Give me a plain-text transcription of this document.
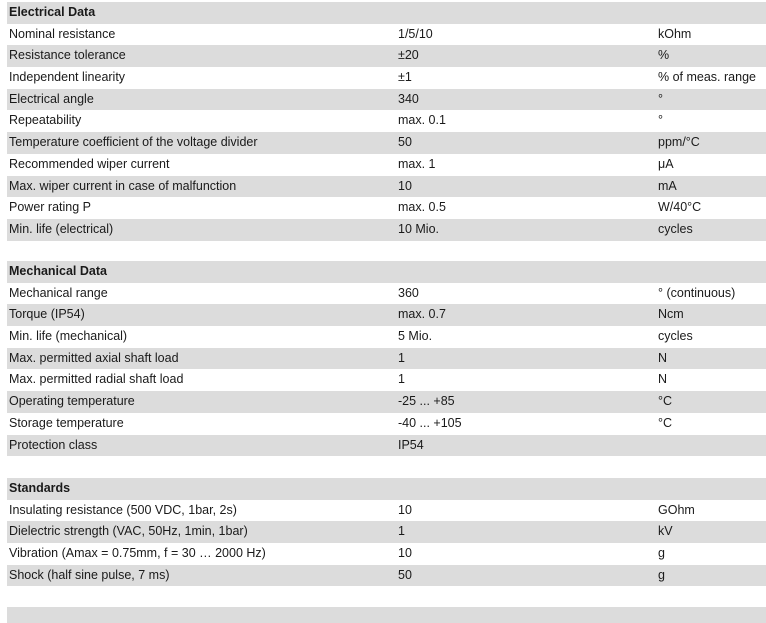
Electrical Data
Nominal resistance	1/5/10	kOhm
Resistance tolerance	±20	%
Independent linearity	±1	% of meas. range
Electrical angle	340	°
Repeatability	max. 0.1	°
Temperature coefficient of the voltage divider	50	ppm/°C
Recommended wiper current	max. 1	μA
Max. wiper current in case of malfunction	10	mA
Power rating P	max. 0.5	W/40°C
Min. life (electrical)	10 Mio.	cycles
Mechanical Data
Mechanical range	360	° (continuous)
Torque (IP54)	max. 0.7	Ncm
Min. life (mechanical)	5 Mio.	cycles
Max. permitted axial shaft load	1	N
Max. permitted radial shaft load	1	N
Operating temperature	-25 ... +85	°C
Storage temperature	-40 ... +105	°C
Protection class	IP54
Standards
Insulating resistance (500 VDC, 1bar, 2s)	10	GOhm
Dielectric strength (VAC, 50Hz, 1min, 1bar)	1	kV
Vibration (Amax = 0.75mm, f = 30 … 2000 Hz)	10	g
Shock (half sine pulse, 7 ms)	50	g
